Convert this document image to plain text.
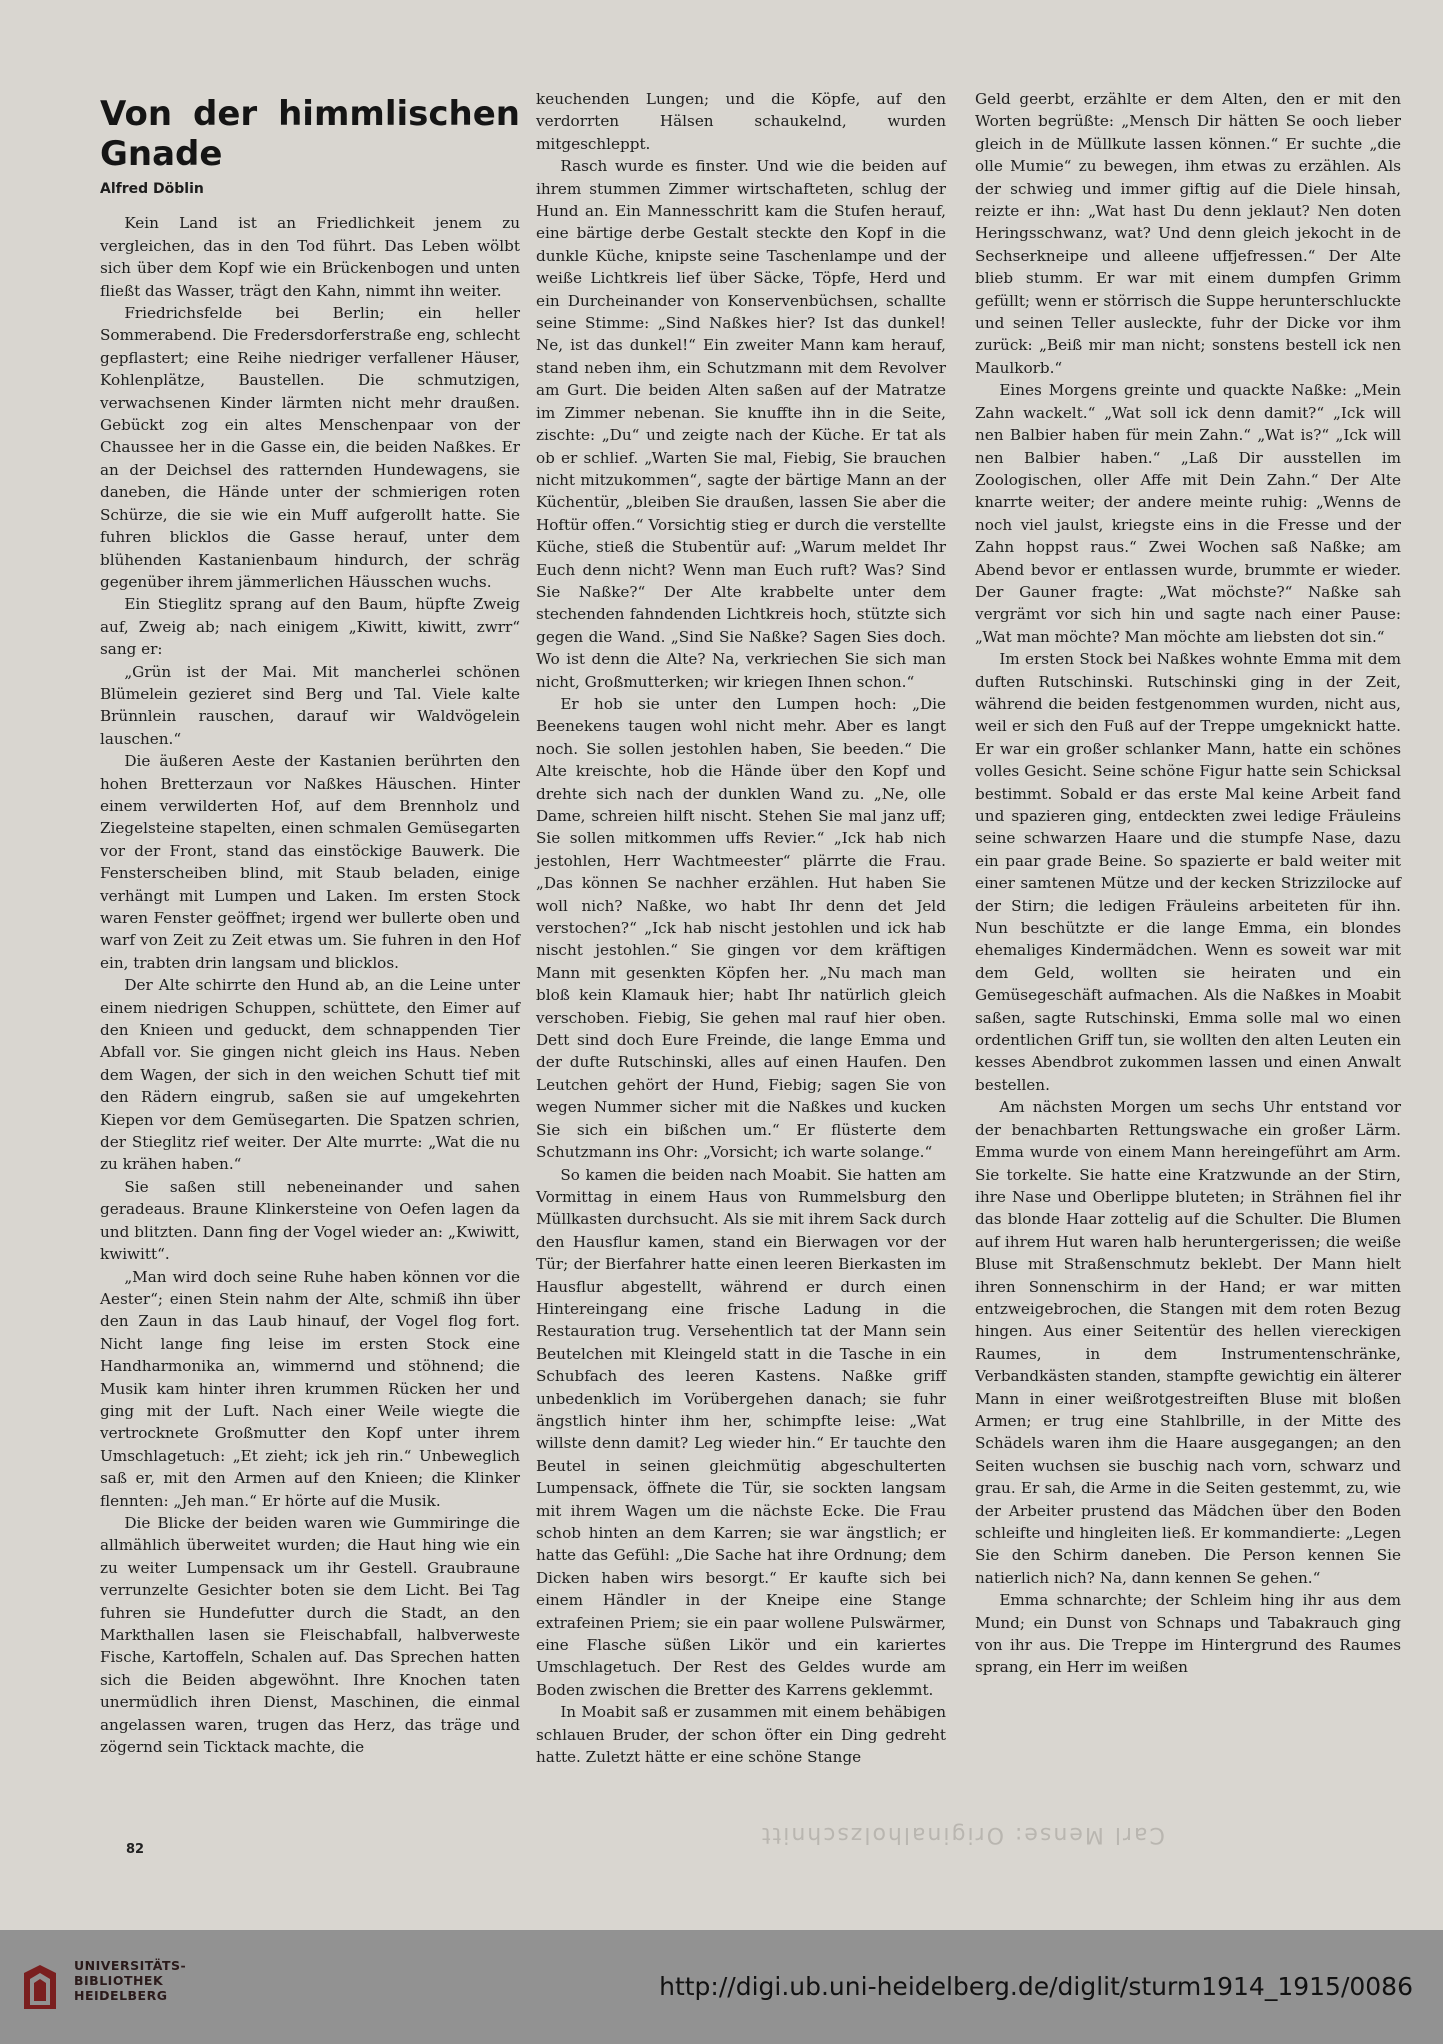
Von der himmlischen Gnade
Alfred Döblin

Kein Land ist an Friedlichkeit jenem zu vergleichen, das in den Tod führt. Das Leben wölbt sich über dem Kopf wie ein Brückenbogen und unten fließt das Wasser, trägt den Kahn, nimmt ihn weiter.

Friedrichsfelde bei Berlin; ein heller Sommerabend. Die Fredersdorferstraße eng, schlecht gepflastert; eine Reihe niedriger verfallener Häuser, Kohlenplätze, Baustellen. Die schmutzigen, verwachsenen Kinder lärmten nicht mehr draußen. Gebückt zog ein altes Menschenpaar von der Chaussee her in die Gasse ein, die beiden Naßkes. Er an der Deichsel des ratternden Hundewagens, sie daneben, die Hände unter der schmierigen roten Schürze, die sie wie ein Muff aufgerollt hatte. Sie fuhren blicklos die Gasse herauf, unter dem blühenden Kastanienbaum hindurch, der schräg gegenüber ihrem jämmerlichen Häusschen wuchs.

Ein Stieglitz sprang auf den Baum, hüpfte Zweig auf, Zweig ab; nach einigem „Kiwitt, kiwitt, zwrr“ sang er:

„Grün ist der Mai. Mit mancherlei schönen Blümelein gezieret sind Berg und Tal. Viele kalte Brünnlein rauschen, darauf wir Waldvögelein lauschen.“

Die äußeren Aeste der Kastanien berührten den hohen Bretterzaun vor Naßkes Häuschen. Hinter einem verwilderten Hof, auf dem Brennholz und Ziegelsteine stapelten, einen schmalen Gemüsegarten vor der Front, stand das einstöckige Bauwerk. Die Fensterscheiben blind, mit Staub beladen, einige verhängt mit Lumpen und Laken. Im ersten Stock waren Fenster geöffnet; irgend wer bullerte oben und warf von Zeit zu Zeit etwas um. Sie fuhren in den Hof ein, trabten drin langsam und blicklos.

Der Alte schirrte den Hund ab, an die Leine unter einem niedrigen Schuppen, schüttete, den Eimer auf den Knieen und geduckt, dem schnappenden Tier Abfall vor. Sie gingen nicht gleich ins Haus. Neben dem Wagen, der sich in den weichen Schutt tief mit den Rädern eingrub, saßen sie auf umgekehrten Kiepen vor dem Gemüsegarten. Die Spatzen schrien, der Stieglitz rief weiter. Der Alte murrte: „Wat die nu zu krähen haben.“

Sie saßen still nebeneinander und sahen geradeaus. Braune Klinkersteine von Oefen lagen da und blitzten. Dann fing der Vogel wieder an: „Kwiwitt, kwiwitt“.

„Man wird doch seine Ruhe haben können vor die Aester“; einen Stein nahm der Alte, schmiß ihn über den Zaun in das Laub hinauf, der Vogel flog fort. Nicht lange fing leise im ersten Stock eine Handharmonika an, wimmernd und stöhnend; die Musik kam hinter ihren krummen Rücken her und ging mit der Luft. Nach einer Weile wiegte die vertrocknete Großmutter den Kopf unter ihrem Umschlagetuch: „Et zieht; ick jeh rin.“ Unbeweglich saß er, mit den Armen auf den Knieen; die Klinker flennten: „Jeh man.“ Er hörte auf die Musik.

Die Blicke der beiden waren wie Gummiringe die allmählich überweitet wurden; die Haut hing wie ein zu weiter Lumpensack um ihr Gestell. Graubraune verrunzelte Gesichter boten sie dem Licht. Bei Tag fuhren sie Hundefutter durch die Stadt, an den Markthallen lasen sie Fleischabfall, halbverweste Fische, Kartoffeln, Schalen auf. Das Sprechen hatten sich die Beiden abgewöhnt. Ihre Knochen taten unermüdlich ihren Dienst, Maschinen, die einmal angelassen waren, trugen das Herz, das träge und zögernd sein Ticktack machte, die

keuchenden Lungen; und die Köpfe, auf den verdorrten Hälsen schaukelnd, wurden mitgeschleppt.

Rasch wurde es finster. Und wie die beiden auf ihrem stummen Zimmer wirtschafteten, schlug der Hund an. Ein Mannesschritt kam die Stufen herauf, eine bärtige derbe Gestalt steckte den Kopf in die dunkle Küche, knipste seine Taschenlampe und der weiße Lichtkreis lief über Säcke, Töpfe, Herd und ein Durcheinander von Konservenbüchsen, schallte seine Stimme: „Sind Naßkes hier? Ist das dunkel! Ne, ist das dunkel!“ Ein zweiter Mann kam herauf, stand neben ihm, ein Schutzmann mit dem Revolver am Gurt. Die beiden Alten saßen auf der Matratze im Zimmer nebenan. Sie knuffte ihn in die Seite, zischte: „Du“ und zeigte nach der Küche. Er tat als ob er schlief. „Warten Sie mal, Fiebig, Sie brauchen nicht mitzukommen“, sagte der bärtige Mann an der Küchentür, „bleiben Sie draußen, lassen Sie aber die Hoftür offen.“ Vorsichtig stieg er durch die verstellte Küche, stieß die Stubentür auf: „Warum meldet Ihr Euch denn nicht? Wenn man Euch ruft? Was? Sind Sie Naßke?“ Der Alte krabbelte unter dem stechenden fahndenden Lichtkreis hoch, stützte sich gegen die Wand. „Sind Sie Naßke? Sagen Sies doch. Wo ist denn die Alte? Na, verkriechen Sie sich man nicht, Großmutterken; wir kriegen Ihnen schon.“

Er hob sie unter den Lumpen hoch: „Die Beenekens taugen wohl nicht mehr. Aber es langt noch. Sie sollen jestohlen haben, Sie beeden.“ Die Alte kreischte, hob die Hände über den Kopf und drehte sich nach der dunklen Wand zu. „Ne, olle Dame, schreien hilft nischt. Stehen Sie mal janz uff; Sie sollen mitkommen uffs Revier.“ „Ick hab nich jestohlen, Herr Wachtmeester“ plärrte die Frau. „Das können Se nachher erzählen. Hut haben Sie woll nich? Naßke, wo habt Ihr denn det Jeld verstochen?“ „Ick hab nischt jestohlen und ick hab nischt jestohlen.“ Sie gingen vor dem kräftigen Mann mit gesenkten Köpfen her. „Nu mach man bloß kein Klamauk hier; habt Ihr natürlich gleich verschoben. Fiebig, Sie gehen mal rauf hier oben. Dett sind doch Eure Freinde, die lange Emma und der dufte Rutschinski, alles auf einen Haufen. Den Leutchen gehört der Hund, Fiebig; sagen Sie von wegen Nummer sicher mit die Naßkes und kucken Sie sich ein bißchen um.“ Er flüsterte dem Schutzmann ins Ohr: „Vorsicht; ich warte solange.“

So kamen die beiden nach Moabit. Sie hatten am Vormittag in einem Haus von Rummelsburg den Müllkasten durchsucht. Als sie mit ihrem Sack durch den Hausflur kamen, stand ein Bierwagen vor der Tür; der Bierfahrer hatte einen leeren Bierkasten im Hausflur abgestellt, während er durch einen Hintereingang eine frische Ladung in die Restauration trug. Versehentlich tat der Mann sein Beutelchen mit Kleingeld statt in die Tasche in ein Schubfach des leeren Kastens. Naßke griff unbedenklich im Vorübergehen danach; sie fuhr ängstlich hinter ihm her, schimpfte leise: „Wat willste denn damit? Leg wieder hin.“ Er tauchte den Beutel in seinen gleichmütig abgeschulterten Lumpensack, öffnete die Tür, sie sockten langsam mit ihrem Wagen um die nächste Ecke. Die Frau schob hinten an dem Karren; sie war ängstlich; er hatte das Gefühl: „Die Sache hat ihre Ordnung; dem Dicken haben wirs besorgt.“ Er kaufte sich bei einem Händler in der Kneipe eine Stange extrafeinen Priem; sie ein paar wollene Pulswärmer, eine Flasche süßen Likör und ein kariertes Umschlagetuch. Der Rest des Geldes wurde am Boden zwischen die Bretter des Karrens geklemmt.

In Moabit saß er zusammen mit einem behäbigen schlauen Bruder, der schon öfter ein Ding gedreht hatte. Zuletzt hätte er eine schöne Stange

Geld geerbt, erzählte er dem Alten, den er mit den Worten begrüßte: „Mensch Dir hätten Se ooch lieber gleich in de Müllkute lassen können.“ Er suchte „die olle Mumie“ zu bewegen, ihm etwas zu erzählen. Als der schwieg und immer giftig auf die Diele hinsah, reizte er ihn: „Wat hast Du denn jeklaut? Nen doten Heringsschwanz, wat? Und denn gleich jekocht in de Sechserkneipe und alleene uffjefressen.“ Der Alte blieb stumm. Er war mit einem dumpfen Grimm gefüllt; wenn er störrisch die Suppe herunterschluckte und seinen Teller ausleckte, fuhr der Dicke vor ihm zurück: „Beiß mir man nicht; sonstens bestell ick nen Maulkorb.“

Eines Morgens greinte und quackte Naßke: „Mein Zahn wackelt.“ „Wat soll ick denn damit?“ „Ick will nen Balbier haben für mein Zahn.“ „Wat is?“ „Ick will nen Balbier haben.“ „Laß Dir ausstellen im Zoologischen, oller Affe mit Dein Zahn.“ Der Alte knarrte weiter; der andere meinte ruhig: „Wenns de noch viel jaulst, kriegste eins in die Fresse und der Zahn hoppst raus.“ Zwei Wochen saß Naßke; am Abend bevor er entlassen wurde, brummte er wieder. Der Gauner fragte: „Wat möchste?“ Naßke sah vergrämt vor sich hin und sagte nach einer Pause: „Wat man möchte? Man möchte am liebsten dot sin.“

Im ersten Stock bei Naßkes wohnte Emma mit dem duften Rutschinski. Rutschinski ging in der Zeit, während die beiden festgenommen wurden, nicht aus, weil er sich den Fuß auf der Treppe umgeknickt hatte. Er war ein großer schlanker Mann, hatte ein schönes volles Gesicht. Seine schöne Figur hatte sein Schicksal bestimmt. Sobald er das erste Mal keine Arbeit fand und spazieren ging, entdeckten zwei ledige Fräuleins seine schwarzen Haare und die stumpfe Nase, dazu ein paar grade Beine. So spazierte er bald weiter mit einer samtenen Mütze und der kecken Strizzilocke auf der Stirn; die ledigen Fräuleins arbeiteten für ihn. Nun beschützte er die lange Emma, ein blondes ehemaliges Kindermädchen. Wenn es soweit war mit dem Geld, wollten sie heiraten und ein Gemüsegeschäft aufmachen. Als die Naßkes in Moabit saßen, sagte Rutschinski, Emma solle mal wo einen ordentlichen Griff tun, sie wollten den alten Leuten ein kesses Abendbrot zukommen lassen und einen Anwalt bestellen.

Am nächsten Morgen um sechs Uhr entstand vor der benachbarten Rettungswache ein großer Lärm. Emma wurde von einem Mann hereingeführt am Arm. Sie torkelte. Sie hatte eine Kratzwunde an der Stirn, ihre Nase und Oberlippe bluteten; in Strähnen fiel ihr das blonde Haar zottelig auf die Schulter. Die Blumen auf ihrem Hut waren halb heruntergerissen; die weiße Bluse mit Straßenschmutz beklebt. Der Mann hielt ihren Sonnenschirm in der Hand; er war mitten entzweigebrochen, die Stangen mit dem roten Bezug hingen. Aus einer Seitentür des hellen viereckigen Raumes, in dem Instrumentenschränke, Verbandkästen standen, stampfte gewichtig ein älterer Mann in einer weißrotgestreiften Bluse mit bloßen Armen; er trug eine Stahlbrille, in der Mitte des Schädels waren ihm die Haare ausgegangen; an den Seiten wuchsen sie buschig nach vorn, schwarz und grau. Er sah, die Arme in die Seiten gestemmt, zu, wie der Arbeiter prustend das Mädchen über den Boden schleifte und hingleiten ließ. Er kommandierte: „Legen Sie den Schirm daneben. Die Person kennen Sie natierlich nich? Na, dann kennen Se gehen.“

Emma schnarchte; der Schleim hing ihr aus dem Mund; ein Dunst von Schnaps und Tabakrauch ging von ihr aus. Die Treppe im Hintergrund des Raumes sprang, ein Herr im weißen

82
Carl Mense: Originalholzschnitt
UNIVERSITÄTS-
BIBLIOTHEK
HEIDELBERG	http://digi.ub.uni-heidelberg.de/diglit/sturm1914_1915/0086
